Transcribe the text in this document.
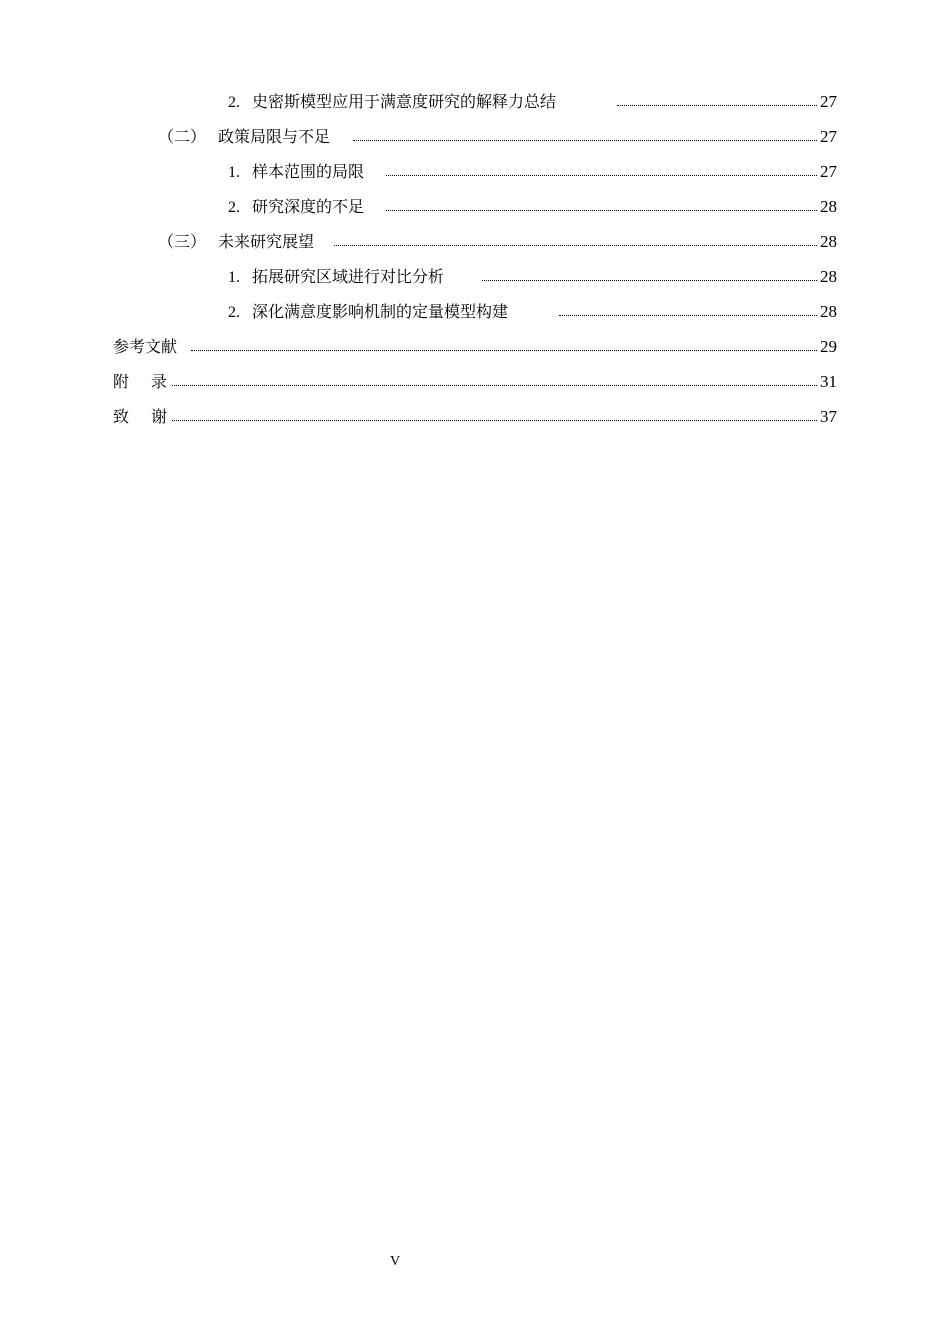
2. 史密斯模型应用于满意度研究的解释力总结	27
（二） 政策局限与不足	27
1. 样本范围的局限	27
2. 研究深度的不足	28
（三） 未来研究展望	28
1. 拓展研究区域进行对比分析	28
2. 深化满意度影响机制的定量模型构建	28
参考文献	29
附录	31
致谢	37
V
